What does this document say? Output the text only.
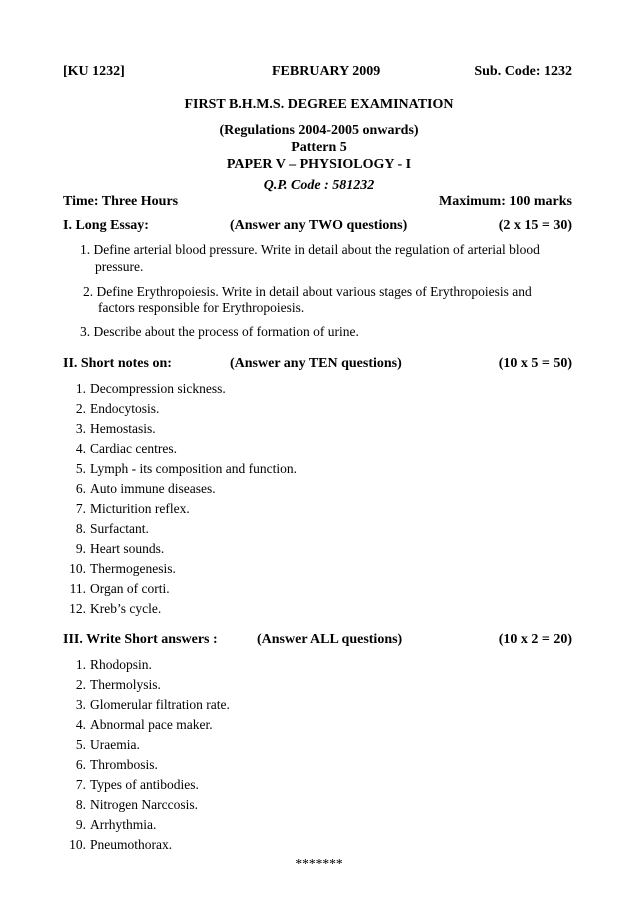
[KU 1232]	FEBRUARY 2009	Sub. Code: 1232
FIRST B.H.M.S. DEGREE EXAMINATION
(Regulations 2004-2005 onwards)
Pattern 5
PAPER V – PHYSIOLOGY - I
Q.P. Code : 581232
Time: Three Hours	Maximum: 100 marks
I. Long Essay:	(Answer any TWO questions)	(2 x 15 = 30)
1. Define arterial blood pressure. Write in detail about the regulation of arterial blood
pressure.
2. Define Erythropoiesis. Write in detail about various stages of Erythropoiesis and
factors responsible for Erythropoiesis.
3. Describe about the process of formation of urine.
II. Short notes on:	(Answer any TEN questions)	(10 x 5 = 50)
1. Decompression sickness.
2. Endocytosis.
3. Hemostasis.
4. Cardiac centres.
5. Lymph - its composition and function.
6. Auto immune diseases.
7. Micturition reflex.
8. Surfactant.
9. Heart sounds.
10. Thermogenesis.
11. Organ of corti.
12. Kreb’s cycle.
III. Write Short answers :	(Answer ALL questions)	(10 x 2 = 20)
1. Rhodopsin.
2. Thermolysis.
3. Glomerular filtration rate.
4. Abnormal pace maker.
5. Uraemia.
6. Thrombosis.
7. Types of antibodies.
8. Nitrogen Narccosis.
9. Arrhythmia.
10. Pneumothorax.
*******
